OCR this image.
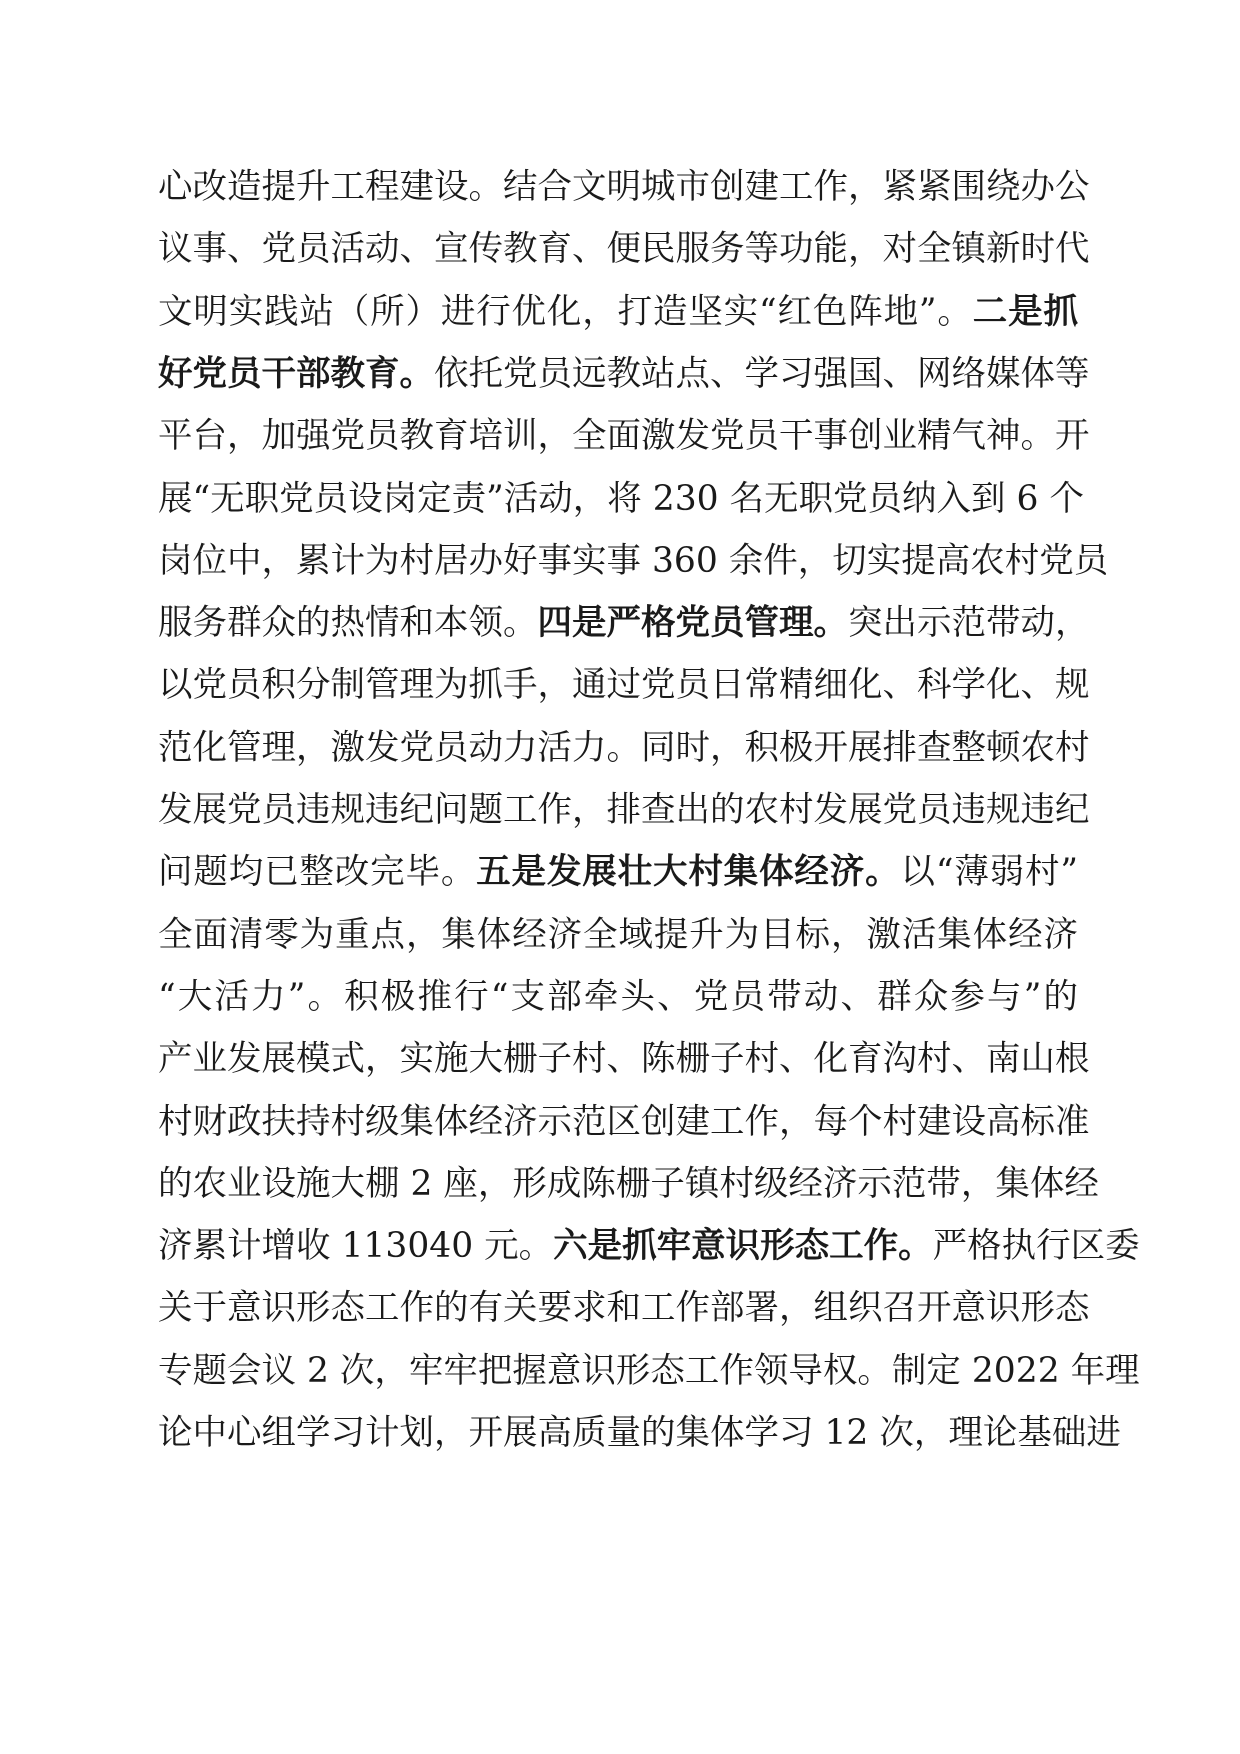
心改造提升工程建设。结合文明城市创建工作，紧紧围绕办公
议事、党员活动、宣传教育、便民服务等功能，对全镇新时代
文明实践站（所）进行优化，打造坚实“红色阵地”。二是抓
好党员干部教育。依托党员远教站点、学习强国、网络媒体等
平台，加强党员教育培训，全面激发党员干事创业精气神。开
展“无职党员设岗定责”活动，将 230 名无职党员纳入到 6 个
岗位中，累计为村居办好事实事 360 余件，切实提高农村党员
服务群众的热情和本领。四是严格党员管理。突出示范带动，
以党员积分制管理为抓手，通过党员日常精细化、科学化、规
范化管理，激发党员动力活力。同时，积极开展排查整顿农村
发展党员违规违纪问题工作，排查出的农村发展党员违规违纪
问题均已整改完毕。五是发展壮大村集体经济。以“薄弱村”
全面清零为重点，集体经济全域提升为目标，激活集体经济
“大活力”。积极推行“支部牵头、党员带动、群众参与”的
产业发展模式，实施大栅子村、陈栅子村、化育沟村、南山根
村财政扶持村级集体经济示范区创建工作，每个村建设高标准
的农业设施大棚 2 座，形成陈栅子镇村级经济示范带，集体经
济累计增收 113040 元。六是抓牢意识形态工作。严格执行区委
关于意识形态工作的有关要求和工作部署，组织召开意识形态
专题会议 2 次，牢牢把握意识形态工作领导权。制定 2022 年理
论中心组学习计划，开展高质量的集体学习 12 次，理论基础进
